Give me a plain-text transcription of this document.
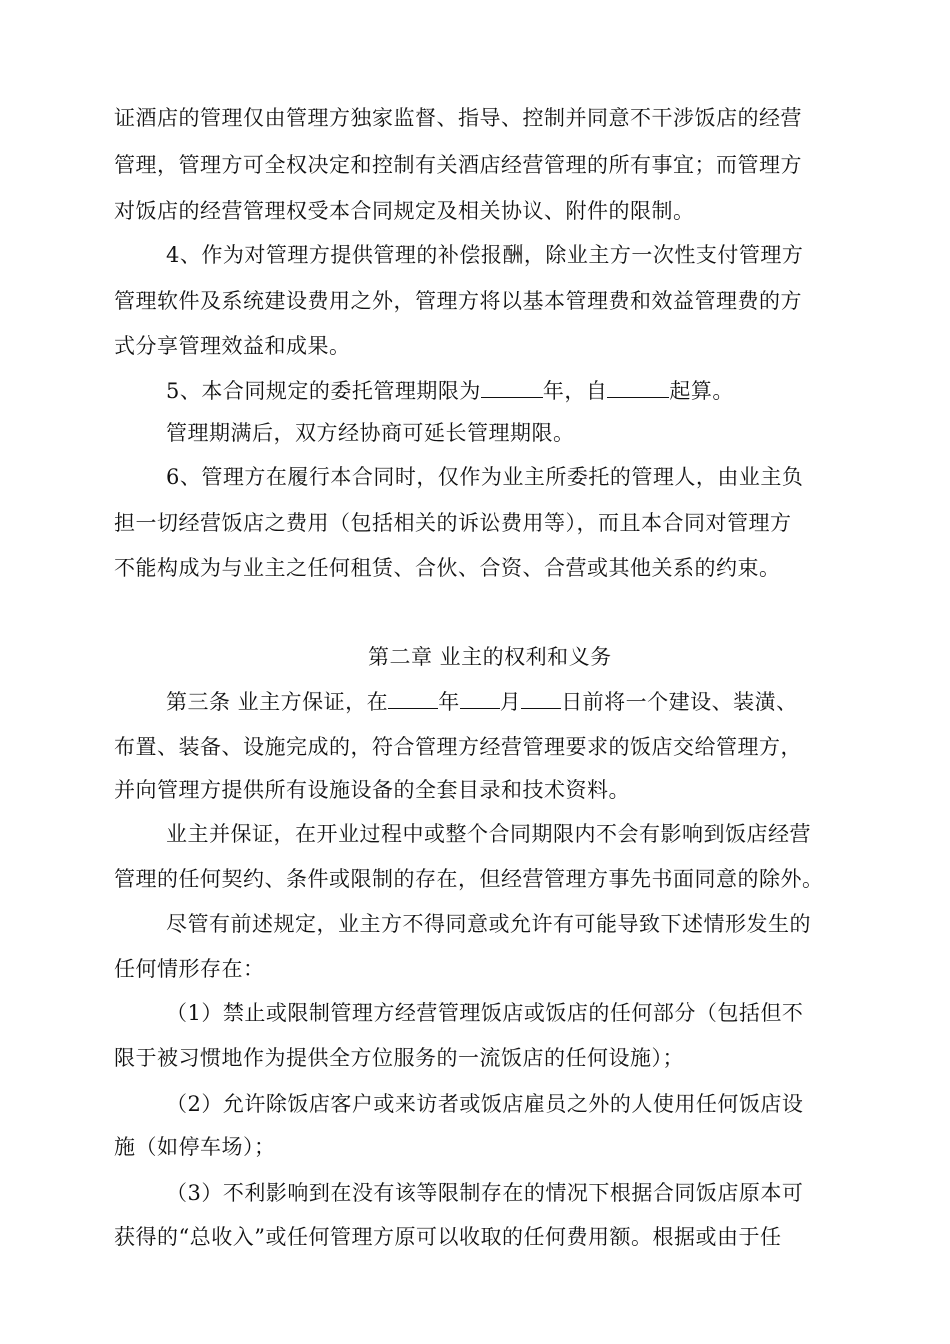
证酒店的管理仅由管理方独家监督、指导、控制并同意不干涉饭店的经营
管理，管理方可全权决定和控制有关酒店经营管理的所有事宜；而管理方
对饭店的经营管理权受本合同规定及相关协议、附件的限制。
4、作为对管理方提供管理的补偿报酬，除业主方一次性支付管理方
管理软件及系统建设费用之外，管理方将以基本管理费和效益管理费的方
式分享管理效益和成果。
5、本合同规定的委托管理期限为	年，自	起算。
管理期满后，双方经协商可延长管理期限。
6、管理方在履行本合同时，仅作为业主所委托的管理人，由业主负
担一切经营饭店之费用（包括相关的诉讼费用等），而且本合同对管理方
不能构成为与业主之任何租赁、合伙、合资、合营或其他关系的约束。
第二章 业主的权利和义务
第三条 业主方保证，在 年 月 日前将一个建设、装潢、
布置、装备、设施完成的，符合管理方经营管理要求的饭店交给管理方，
并向管理方提供所有设施设备的全套目录和技术资料。
业主并保证，在开业过程中或整个合同期限内不会有影响到饭店经营
管理的任何契约、条件或限制的存在，但经营管理方事先书面同意的除外。
尽管有前述规定，业主方不得同意或允许有可能导致下述情形发生的
任何情形存在：
（1）禁止或限制管理方经营管理饭店或饭店的任何部分（包括但不
限于被习惯地作为提供全方位服务的一流饭店的任何设施）；
（2）允许除饭店客户或来访者或饭店雇员之外的人使用任何饭店设
施（如停车场）；
（3）不利影响到在没有该等限制存在的情况下根据合同饭店原本可
获得的“总收入”或任何管理方原可以收取的任何费用额。根据或由于任
